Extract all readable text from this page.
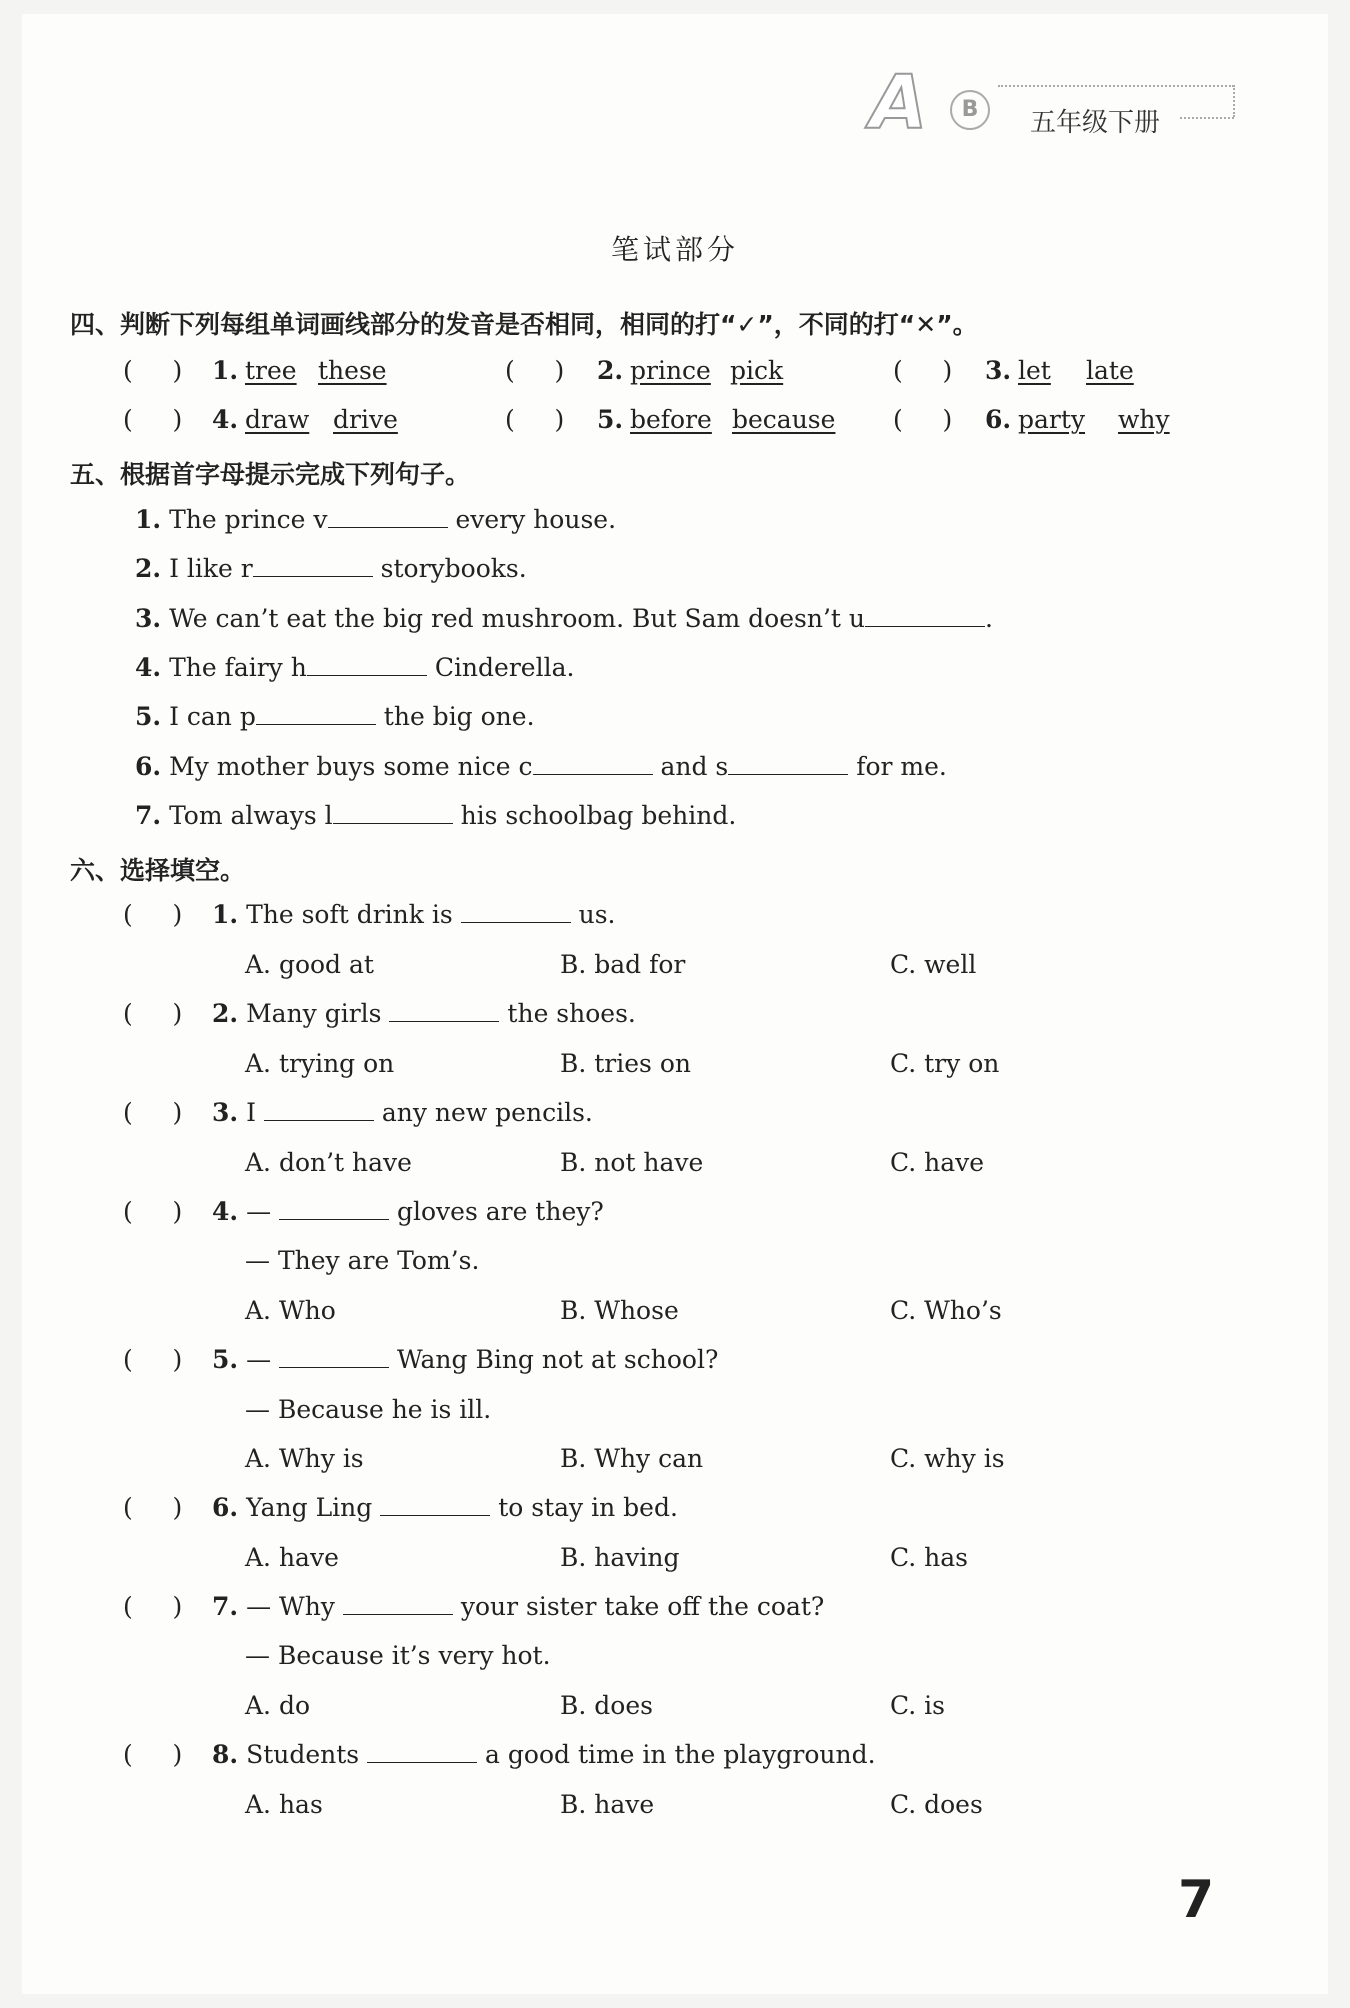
A	B	五年级下册
笔试部分
四、判断下列每组单词画线部分的发音是否相同，相同的打“✓”，不同的打“✕”。
(     ) 1. tree these	(     ) 2. prince pick	(     ) 3. let late
(     ) 4. draw drive	(     ) 5. before because (     ) 6. party why
五、根据首字母提示完成下列句子。
1. The prince v	every house.
2. I like r	storybooks.
3. We can’t eat the big red mushroom. But Sam doesn’t u	.
4. The fairy h	Cinderella.
5. I can p	the big one.
6. My mother buys some nice c	and s	for me.
7. Tom always l	his schoolbag behind.
六、选择填空。
(     ) 1. The soft drink is	us.
A. good at	B. bad for	C. well
(     ) 2. Many girls	the shoes.
A. trying on	B. tries on	C. try on
(     ) 3. I	any new pencils.
A. don’t have	B. not have	C. have
(     ) 4. —	gloves are they?
— They are Tom’s.
A. Who	B. Whose	C. Who’s
(     ) 5. —	Wang Bing not at school?
— Because he is ill.
A. Why is	B. Why can	C. why is
(     ) 6. Yang Ling	to stay in bed.
A. have	B. having	C. has
(     ) 7. — Why	your sister take off the coat?
— Because it’s very hot.
A. do	B. does	C. is
(     ) 8. Students	a good time in the playground.
A. has	B. have	C. does
7
